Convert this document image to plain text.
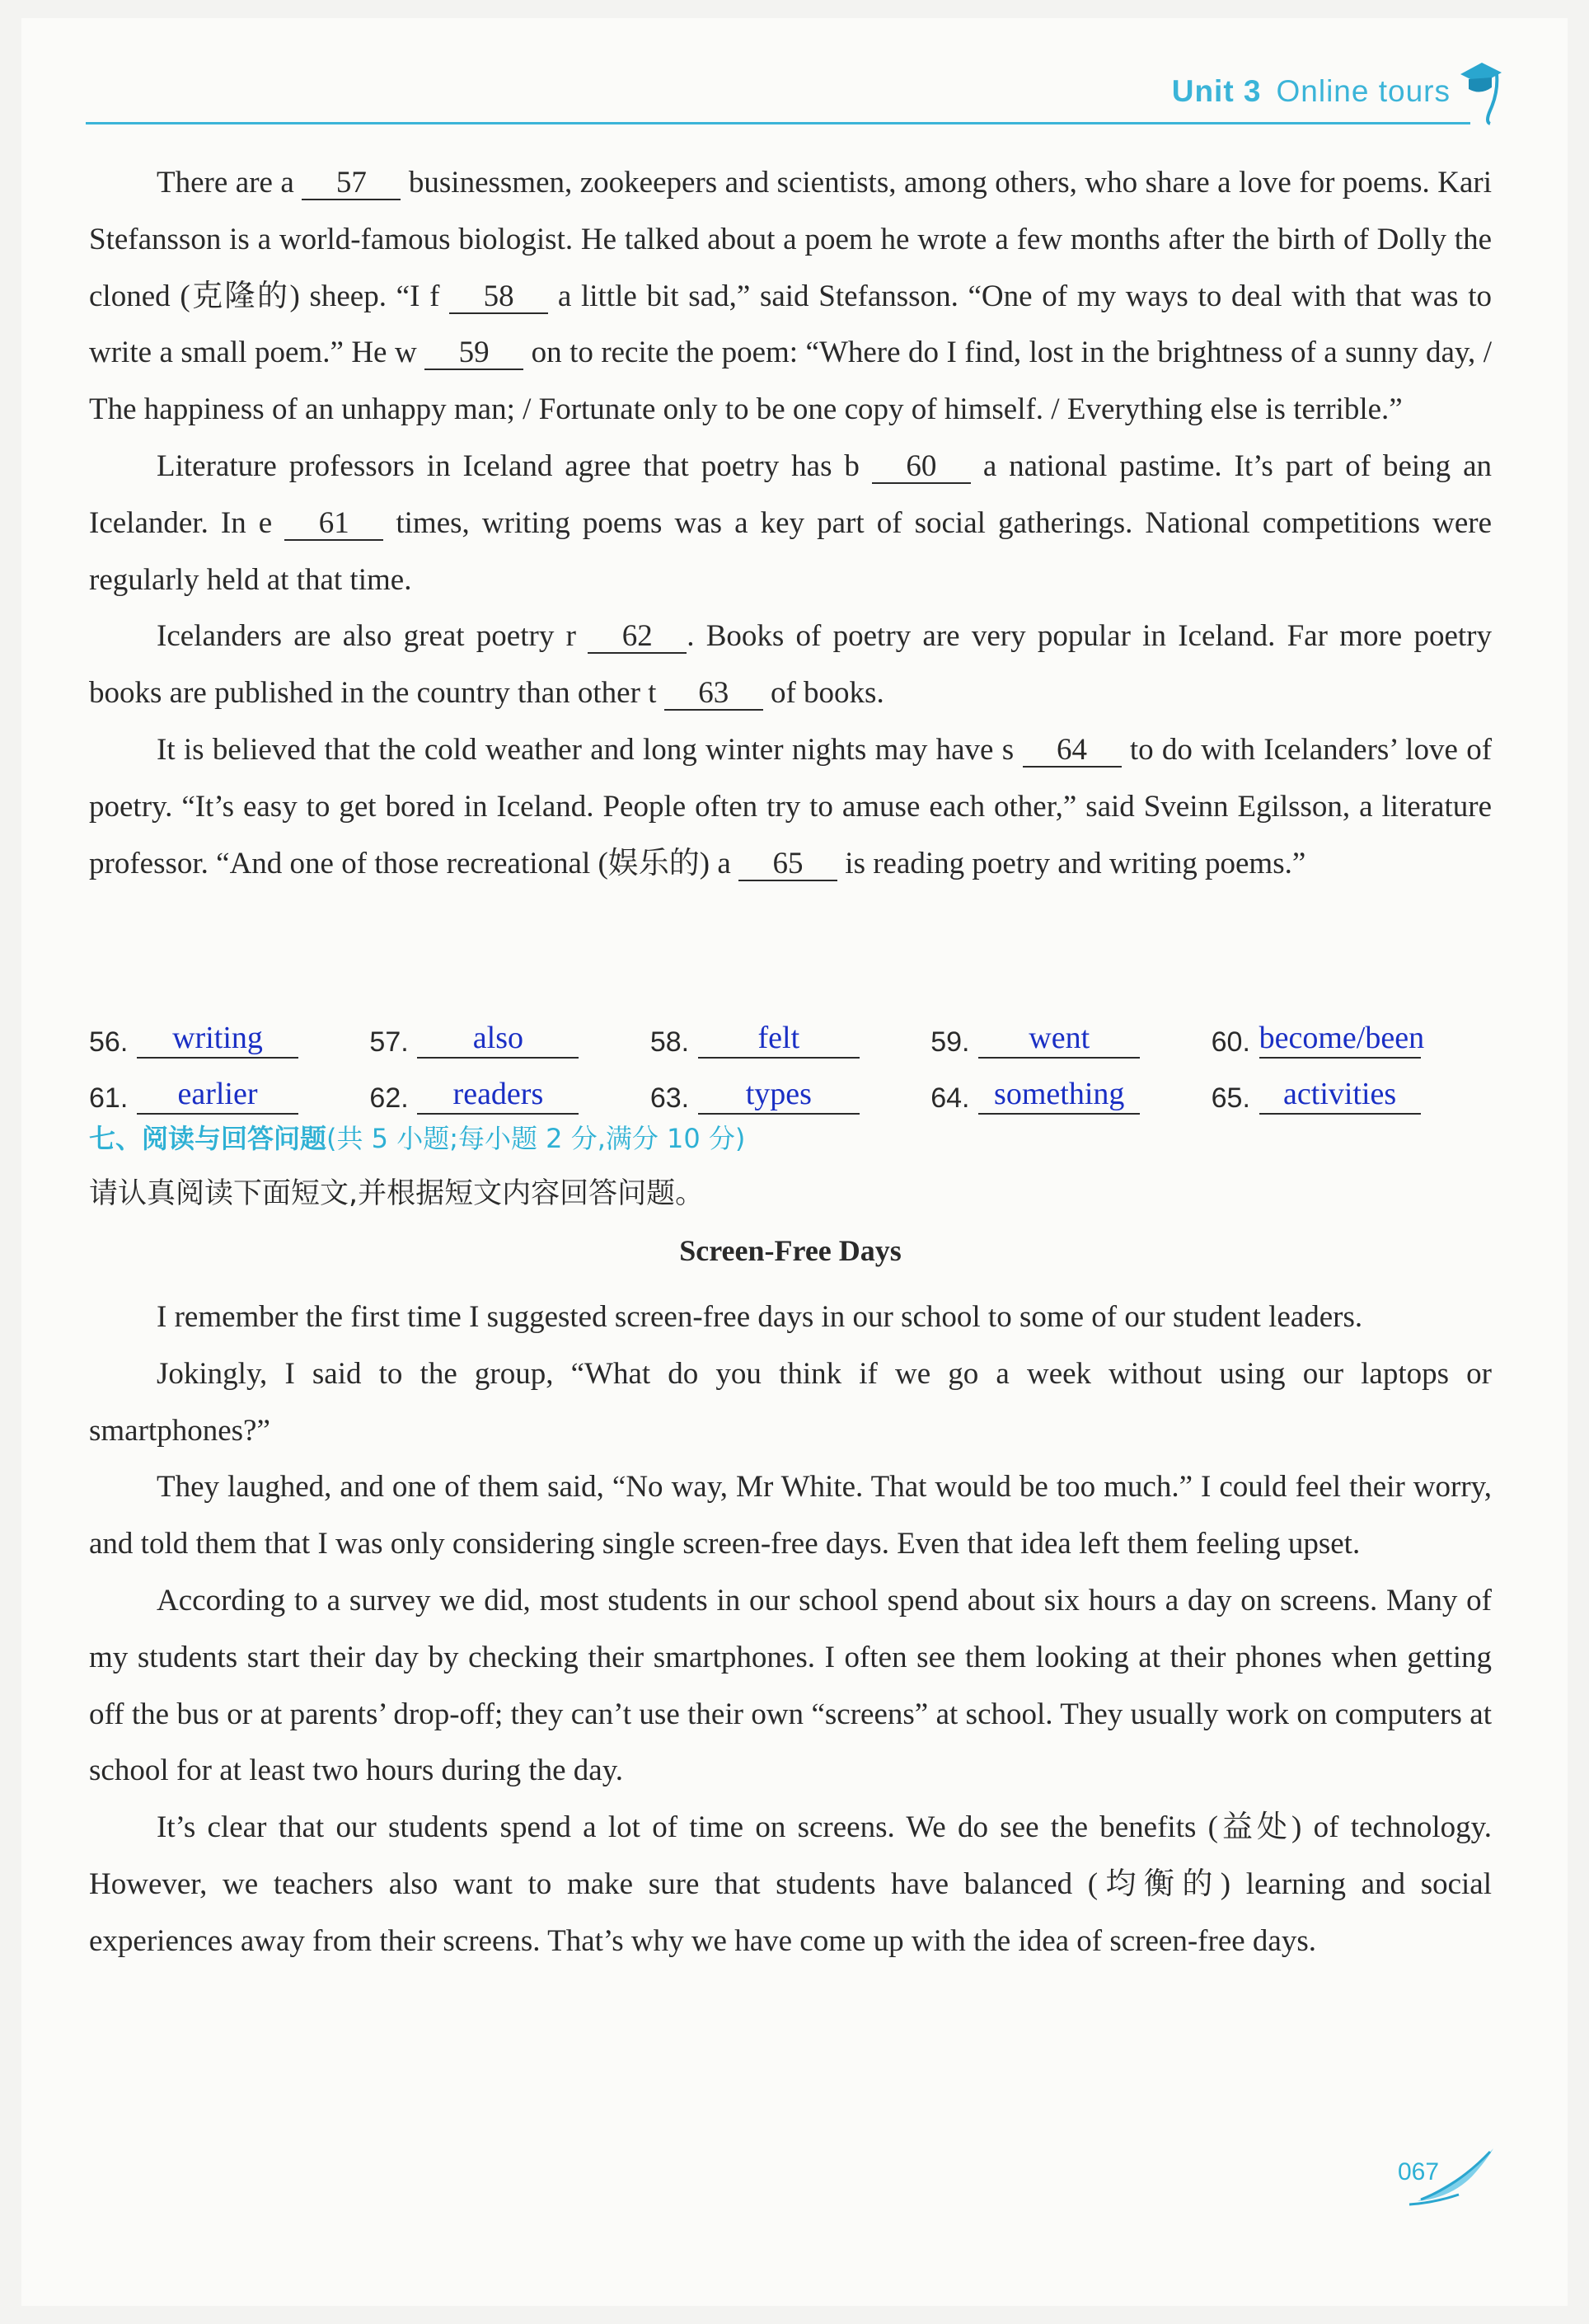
Unit 3 Online tours

There are a 57 businessmen, zookeepers and scientists, among others, who share a love for poems. Kari Stefansson is a world-famous biologist. He talked about a poem he wrote a few months after the birth of Dolly the cloned (克隆的) sheep. “I f 58 a little bit sad,” said Stefansson. “One of my ways to deal with that was to write a small poem.” He w 59 on to recite the poem: “Where do I find, lost in the brightness of a sunny day, / The happiness of an unhappy man; / Fortunate only to be one copy of himself. / Everything else is terrible.”

Literature professors in Iceland agree that poetry has b 60 a national pastime. It’s part of being an Icelander. In e 61 times, writing poems was a key part of social gatherings. National competitions were regularly held at that time.

Icelanders are also great poetry r 62 . Books of poetry are very popular in Iceland. Far more poetry books are published in the country than other t 63 of books.

It is believed that the cold weather and long winter nights may have s 64 to do with Icelanders’ love of poetry. “It’s easy to get bored in Iceland. People often try to amuse each other,” said Sveinn Egilsson, a literature professor. “And one of those recreational (娱乐的) a 65 is reading poetry and writing poems.”

56.	writing	57.	also	58.	felt	59.	went	60. become/been
61.	earlier	62.	readers	63.	types	64. something	65.	activities
七、阅读与回答问题(共 5 小题;每小题 2 分,满分 10 分)
请认真阅读下面短文,并根据短文内容回答问题。
Screen-Free Days

I remember the first time I suggested screen-free days in our school to some of our student leaders.

Jokingly, I said to the group, “What do you think if we go a week without using our laptops or smartphones?”

They laughed, and one of them said, “No way, Mr White. That would be too much.” I could feel their worry, and told them that I was only considering single screen-free days. Even that idea left them feeling upset.

According to a survey we did, most students in our school spend about six hours a day on screens. Many of my students start their day by checking their smartphones. I often see them looking at their phones when getting off the bus or at parents’ drop-off; they can’t use their own “screens” at school. They usually work on computers at school for at least two hours during the day.

It’s clear that our students spend a lot of time on screens. We do see the benefits (益处) of technology. However, we teachers also want to make sure that students have balanced (均衡的) learning and social experiences away from their screens. That’s why we have come up with the idea of screen-free days.

067
